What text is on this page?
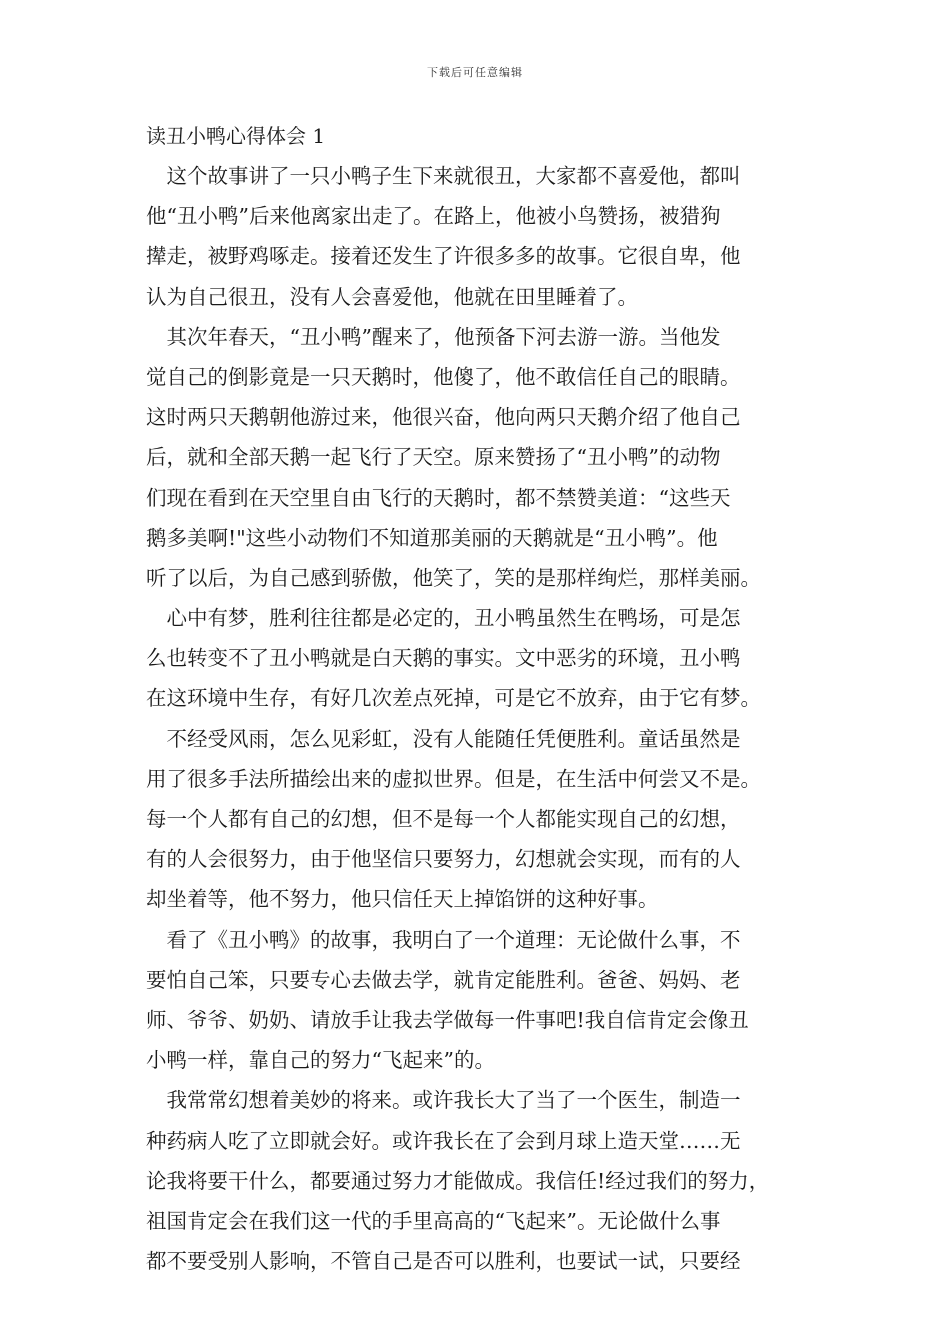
下载后可任意编辑
读丑小鸭心得体会 1
　这个故事讲了一只小鸭子生下来就很丑，大家都不喜爱他，都叫
他“丑小鸭”后来他离家出走了。在路上，他被小鸟赞扬，被猎狗
撵走，被野鸡啄走。接着还发生了许很多多的故事。它很自卑，他
认为自己很丑，没有人会喜爱他，他就在田里睡着了。
　其次年春天，“丑小鸭”醒来了，他预备下河去游一游。当他发
觉自己的倒影竟是一只天鹅时，他傻了，他不敢信任自己的眼睛。
这时两只天鹅朝他游过来，他很兴奋，他向两只天鹅介绍了他自己
后，就和全部天鹅一起飞行了天空。原来赞扬了“丑小鸭”的动物
们现在看到在天空里自由飞行的天鹅时，都不禁赞美道：“这些天
鹅多美啊!"这些小动物们不知道那美丽的天鹅就是“丑小鸭”。他
听了以后，为自己感到骄傲，他笑了，笑的是那样绚烂，那样美丽。
　心中有梦，胜利往往都是必定的，丑小鸭虽然生在鸭场，可是怎
么也转变不了丑小鸭就是白天鹅的事实。文中恶劣的环境，丑小鸭
在这环境中生存，有好几次差点死掉，可是它不放弃，由于它有梦。
　不经受风雨，怎么见彩虹，没有人能随任凭便胜利。童话虽然是
用了很多手法所描绘出来的虚拟世界。但是，在生活中何尝又不是。
每一个人都有自己的幻想，但不是每一个人都能实现自己的幻想，
有的人会很努力，由于他坚信只要努力，幻想就会实现，而有的人
却坐着等，他不努力，他只信任天上掉馅饼的这种好事。
　看了《丑小鸭》的故事，我明白了一个道理：无论做什么事，不
要怕自己笨，只要专心去做去学，就肯定能胜利。爸爸、妈妈、老
师、爷爷、奶奶、请放手让我去学做每一件事吧!我自信肯定会像丑
小鸭一样，靠自己的努力“飞起来”的。
　我常常幻想着美妙的将来。或许我长大了当了一个医生，制造一
种药病人吃了立即就会好。或许我长在了会到月球上造天堂……无
论我将要干什么，都要通过努力才能做成。我信任!经过我们的努力，
祖国肯定会在我们这一代的手里高高的“飞起来”。无论做什么事
都不要受别人影响，不管自己是否可以胜利，也要试一试，只要经
